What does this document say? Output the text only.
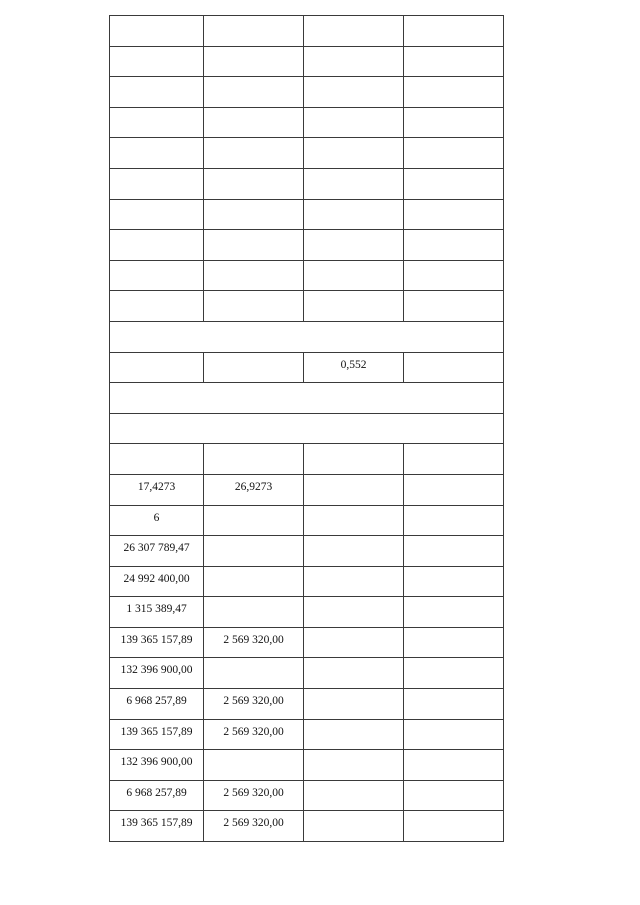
		0,552	

17,4273	26,9273		

6			

26 307 789,47			

24 992 400,00			

1 315 389,47			

139 365 157,89	2 569 320,00		

132 396 900,00			

6 968 257,89	2 569 320,00		

139 365 157,89	2 569 320,00		

132 396 900,00			

6 968 257,89	2 569 320,00		

139 365 157,89	2 569 320,00		
